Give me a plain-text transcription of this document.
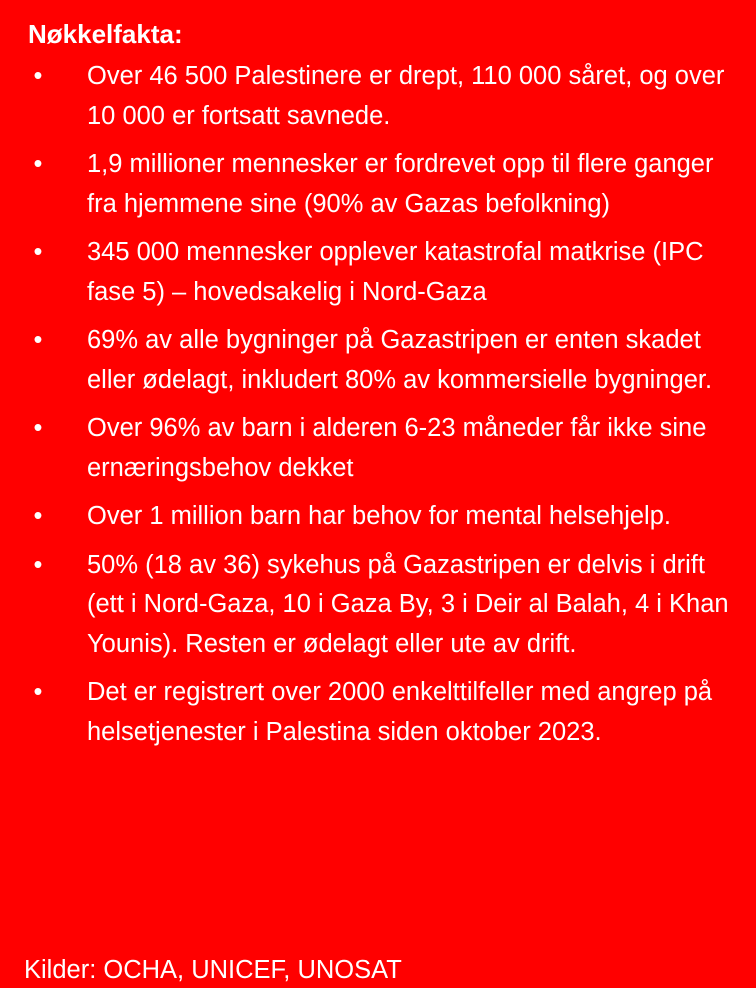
Nøkkelfakta:
• Over 46 500 Palestinere er drept, 110 000 såret, og over 10 000 er fortsatt savnede.
• 1,9 millioner mennesker er fordrevet opp til flere ganger fra hjemmene sine (90% av Gazas befolkning)
• 345 000 mennesker opplever katastrofal matkrise (IPC fase 5) – hovedsakelig i Nord-Gaza
• 69% av alle bygninger på Gazastripen er enten skadet eller ødelagt, inkludert 80% av kommersielle bygninger.
• Over 96% av barn i alderen 6-23 måneder får ikke sine ernæringsbehov dekket
• Over 1 million barn har behov for mental helsehjelp.
• 50% (18 av 36) sykehus på Gazastripen er delvis i drift (ett i Nord-Gaza, 10 i Gaza By, 3 i Deir al Balah, 4 i Khan Younis). Resten er ødelagt eller ute av drift.
• Det er registrert over 2000 enkelttilfeller med angrep på helsetjenester i Palestina siden oktober 2023.
Kilder: OCHA, UNICEF, UNOSAT
